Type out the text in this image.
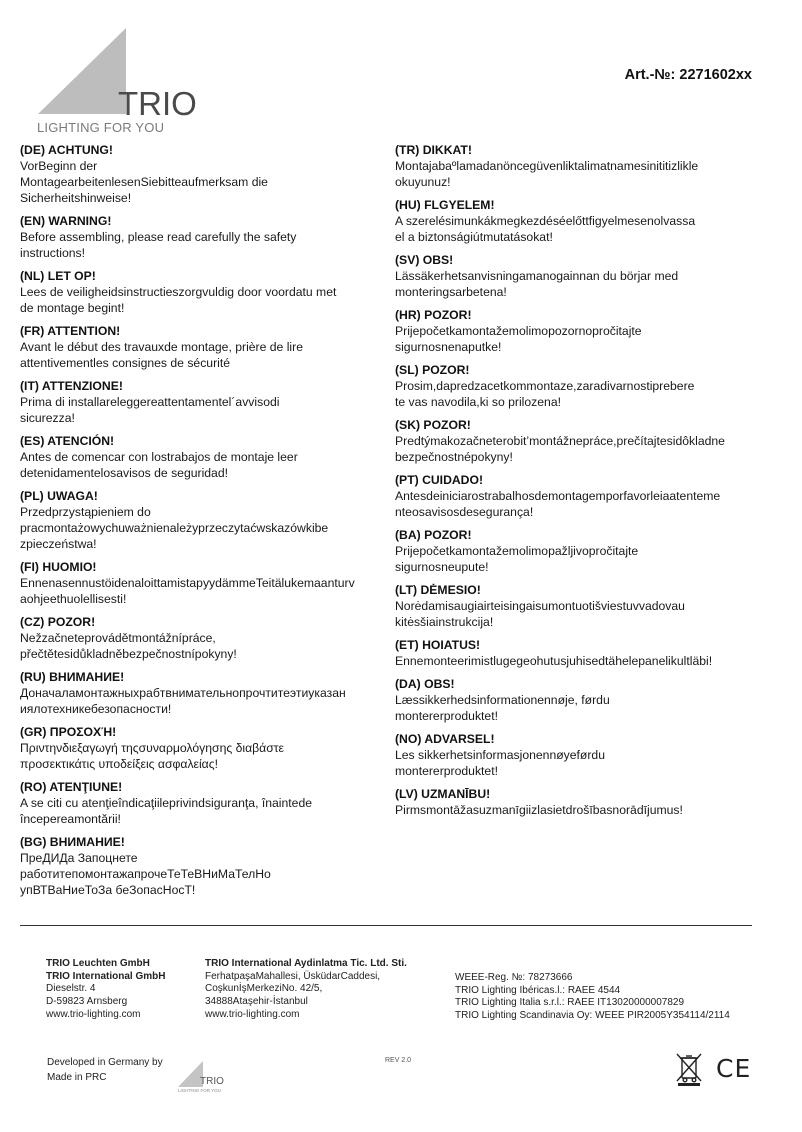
TRIO
LIGHTING FOR YOU
Art.-№: 2271602xx
(DE) ACHTUNG!
VorBeginn der
MontagearbeitenlesenSiebitteaufmerksam die
Sicherheitshinweise!
(EN) WARNING!
Before assembling, please read carefully the safety
instructions!
(NL) LET OP!
Lees de veiligheidsinstructieszorgvuldig door voordatu met
de montage begint!
(FR) ATTENTION!
Avant le début des travauxde montage, prière de lire
attentivementles consignes de sécurité
(IT) ATTENZIONE!
Prima di installareleggereattentamentel´avvisodi
sicurezza!
(ES) ATENCIÓN!
Antes de comencar con lostrabajos de montaje leer
detenidamentelosavisos de seguridad!
(PL) UWAGA!
Przedprzystąpieniem do
pracmontażowychuważnienależyprzeczytaćwskazówkibe
zpieczeństwa!
(FI) HUOMIO!
EnnenasennustöidenaloittamistapyydämmeTeitälukemaanturv
aohjeethuolellisesti!
(CZ) POZOR!
Nežzačneteprovádětmontážnípráce,
přečtětesidůkladněbezpečnostnípokyny!
(RU) ВНИМАНИЕ!
Доначаламонтажныхрабтвнимательнопрочтитеэтиуказан
иялотехникебезопасности!
(GR) ΠΡΟΣΟΧΉ!
Πριντηνδιεξαγωγή τηςσυναρμολόγησης διαβάστε
προσεκτικάτις υποδείξεις ασφαλείας!
(RO) ATENŢIUNE!
A se citi cu atenţieîndicaţiileprivindsiguranţa, înaintede
începereamontării!
(BG) ВНИМАНИЕ!
ПреДИДа Запоцнете
работитепомонтажапрочеТеТеВНиМаТелНо
упВТВаНиеТоЗа беЗопасНосТ!
(TR) DIKKAT!
Montajabaºlamadanöncegüvenliktalimatnamesinititizlikle
okuyunuz!
(HU) FLGYELEM!
A szerelésimunkákmegkezdéséelőttfigyelmesenolvassa
el a biztonságiútmutatásokat!
(SV) OBS!
Lässäkerhetsanvisningamanogainnan du börjar med
monteringsarbetena!
(HR) POZOR!
Prijepočetkamontažemolimopozornopročitajte
sigurnosnenaputke!
(SL) POZOR!
Prosim,dapredzacetkommontaze,zaradivarnostiprebere
te vas navodila,ki so prilozena!
(SK) POZOR!
Predtýmakozačneterobit’montážnepráce,prečítajtesidôkladne
bezpečnostnépokyny!
(PT) CUIDADO!
Antesdeiniciarostrabalhosdemontagemporfavorleiaatenteme
nteosavisosdesegurança!
(BA) POZOR!
Prijepočetkamontažemolimopažljivopročitajte
sigurnosneupute!
(LT) DĖMESIO!
Norėdamisaugiairteisingaisumontuotišviestuvvadovau
kitėsšiainstrukcija!
(ET) HOIATUS!
Ennemonteerimistlugegeohutusjuhisedtähelepanelikultläbi!
(DA) OBS!
Læssikkerhedsinformationennøje, førdu
montererproduktet!
(NO) ADVARSEL!
Les sikkerhetsinformasjonennøyeførdu
montererproduktet!
(LV) UZMANĪBU!
Pirmsmontāžasuzmanīgiizlasietdrošībasnorādījumus!
TRIO Leuchten GmbH
TRIO International GmbH
Dieselstr. 4
D-59823 Arnsberg
www.trio-lighting.com
TRIO International Aydinlatma Tic. Ltd. Sti.
FerhatpaşaMahallesi, ÜsküdarCaddesi,
CoşkunİşMerkeziNo. 42/5,
34888Ataşehir-İstanbul
www.trio-lighting.com
WEEE-Reg. №: 78273666
TRIO Lighting Ibéricas.l.: RAEE 4544
TRIO Lighting Italia s.r.l.: RAEE IT13020000007829
TRIO Lighting Scandinavia Oy: WEEE PIR2005Y354114/2114
Developed in Germany by
Made in PRC	TRIO
LIGHTING FOR YOU
REV 2.0	CE
